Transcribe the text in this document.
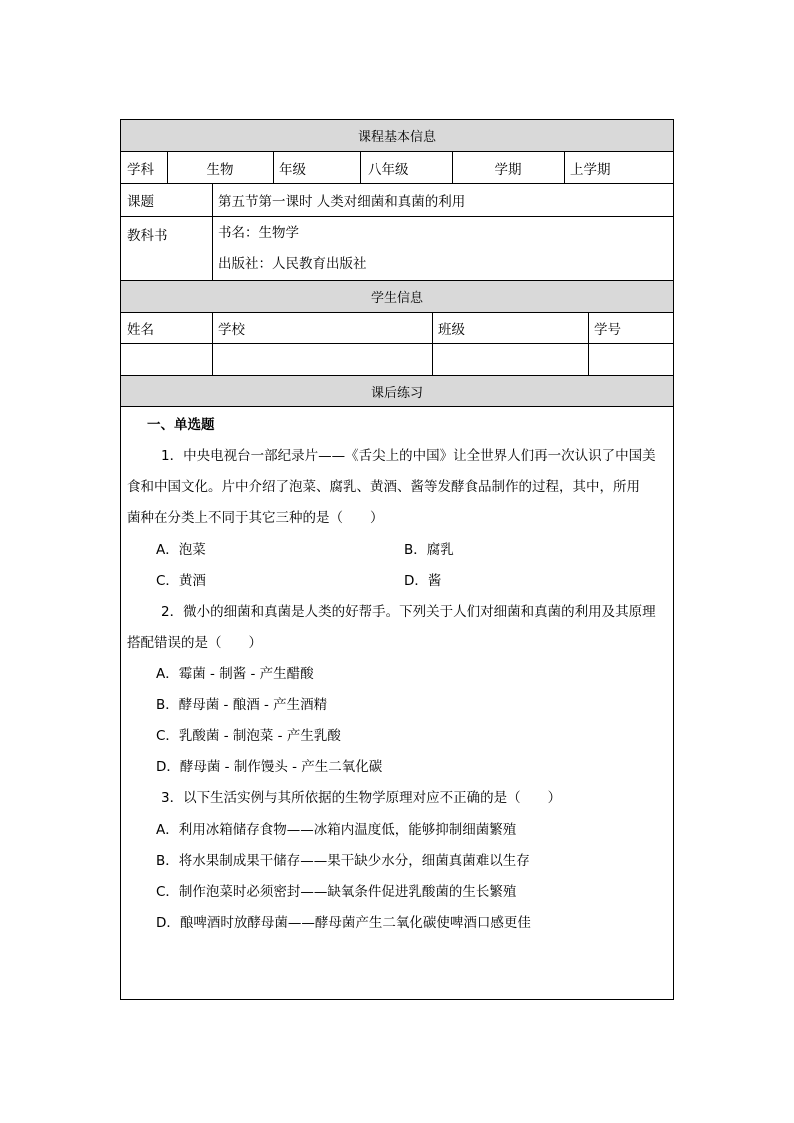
课程基本信息
学科	生物	年级	八年级	学期	上学期
课题	第五节第一课时 人类对细菌和真菌的利用
教科书	书名：生物学
出版社：人民教育出版社
学生信息
姓名	学校	班级	学号
课后练习
一、单选题
1．中央电视台一部纪录片——《舌尖上的中国》让全世界人们再一次认识了中国美
食和中国文化。片中介绍了泡菜、腐乳、黄酒、酱等发酵食品制作的过程，其中，所用
菌种在分类上不同于其它三种的是（　　）
A．泡菜	B．腐乳
C．黄酒	D．酱
2．微小的细菌和真菌是人类的好帮手。下列关于人们对细菌和真菌的利用及其原理
搭配错误的是（　　）
A．霉菌 - 制酱 - 产生醋酸
B．酵母菌 - 酿酒 - 产生酒精
C．乳酸菌 - 制泡菜 - 产生乳酸
D．酵母菌 - 制作馒头 - 产生二氧化碳
3．以下生活实例与其所依据的生物学原理对应不正确的是（　　）
A．利用冰箱储存食物——冰箱内温度低，能够抑制细菌繁殖
B．将水果制成果干储存——果干缺少水分，细菌真菌难以生存
C．制作泡菜时必须密封——缺氧条件促进乳酸菌的生长繁殖
D．酿啤酒时放酵母菌——酵母菌产生二氧化碳使啤酒口感更佳
